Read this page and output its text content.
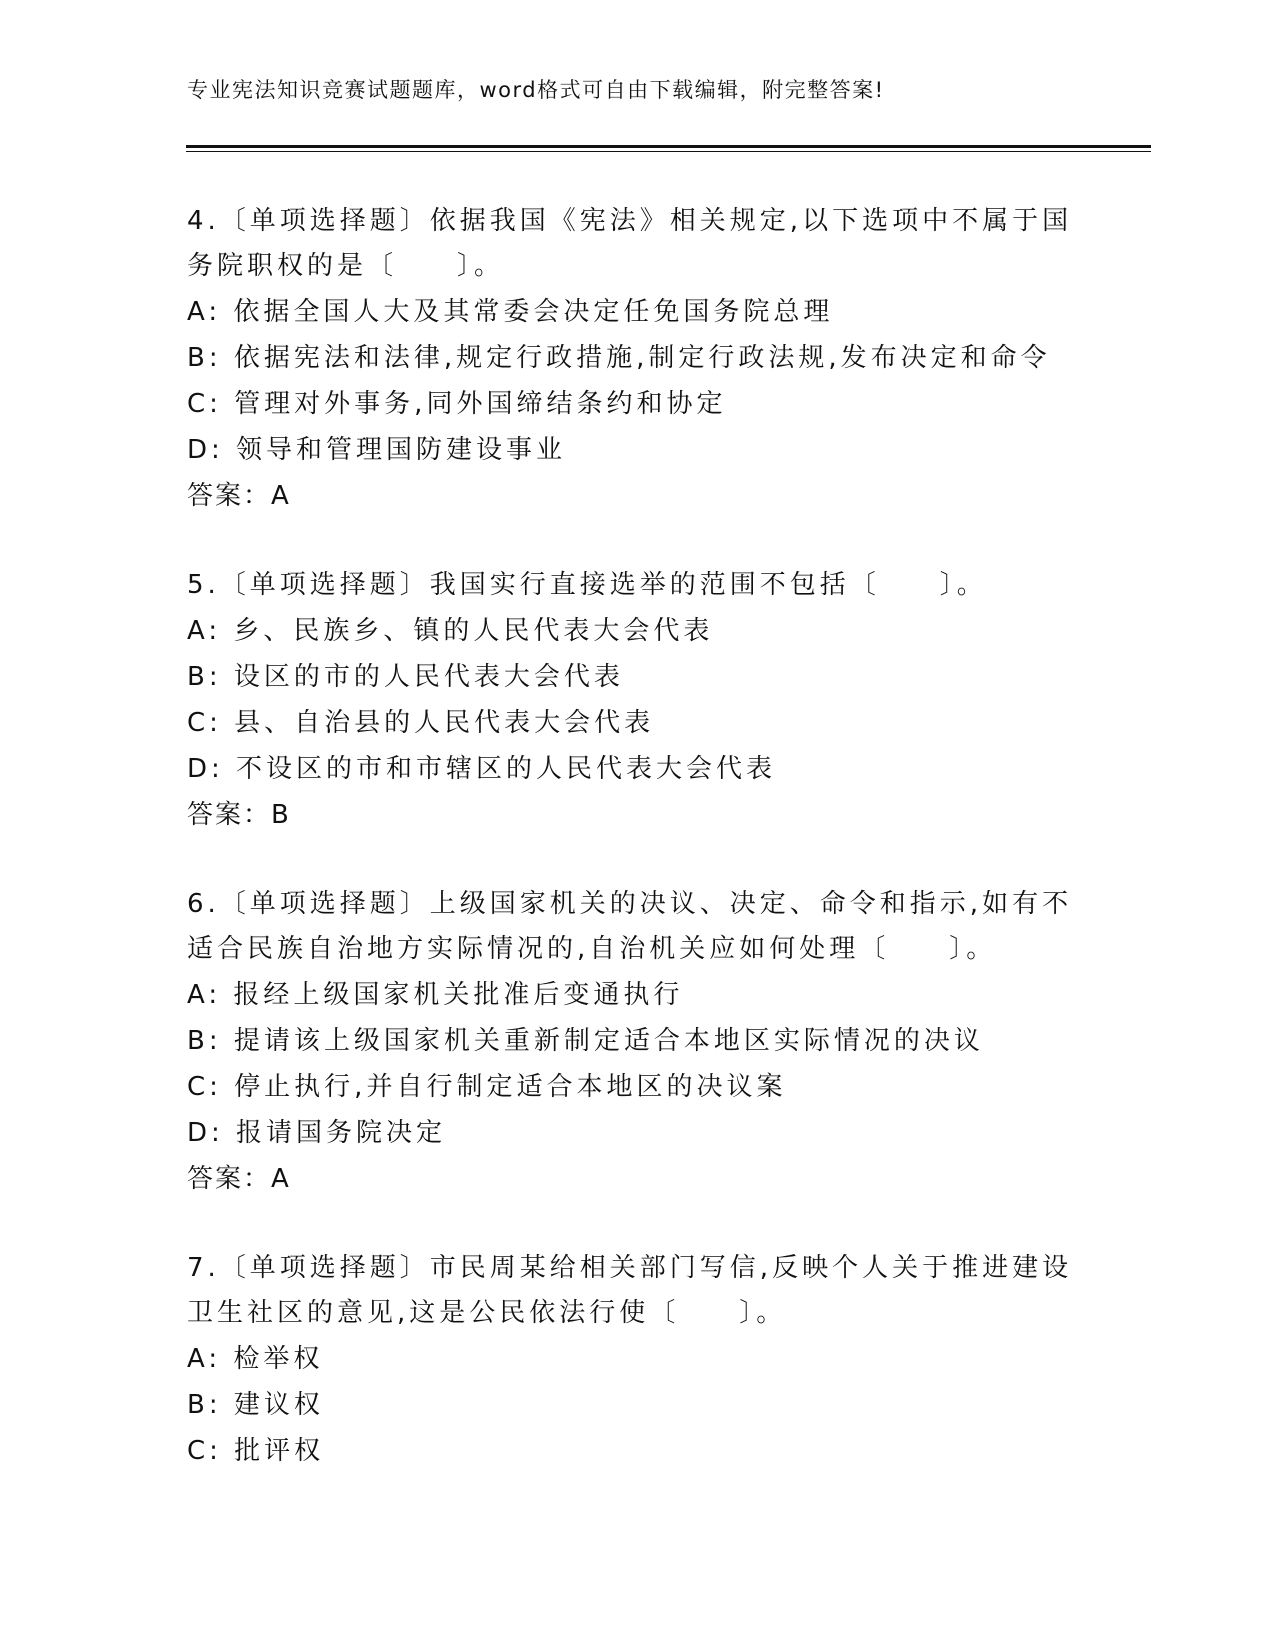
专业宪法知识竞赛试题题库，word格式可自由下载编辑，附完整答案!

4.〔单项选择题〕依据我国《宪法》相关规定,以下选项中不属于国务院职权的是〔　　〕。

A: 依据全国人大及其常委会决定任免国务院总理
B: 依据宪法和法律,规定行政措施,制定行政法规,发布决定和命令
C: 管理对外事务,同外国缔结条约和协定
D: 领导和管理国防建设事业
答案：A

5.〔单项选择题〕我国实行直接选举的范围不包括〔　　〕。

A: 乡、民族乡、镇的人民代表大会代表
B: 设区的市的人民代表大会代表
C: 县、自治县的人民代表大会代表
D: 不设区的市和市辖区的人民代表大会代表
答案：B

6.〔单项选择题〕上级国家机关的决议、决定、命令和指示,如有不适合民族自治地方实际情况的,自治机关应如何处理〔　　〕。

A: 报经上级国家机关批准后变通执行
B: 提请该上级国家机关重新制定适合本地区实际情况的决议
C: 停止执行,并自行制定适合本地区的决议案
D: 报请国务院决定
答案：A

7.〔单项选择题〕市民周某给相关部门写信,反映个人关于推进建设卫生社区的意见,这是公民依法行使〔　　〕。

A: 检举权
B: 建议权
C: 批评权
